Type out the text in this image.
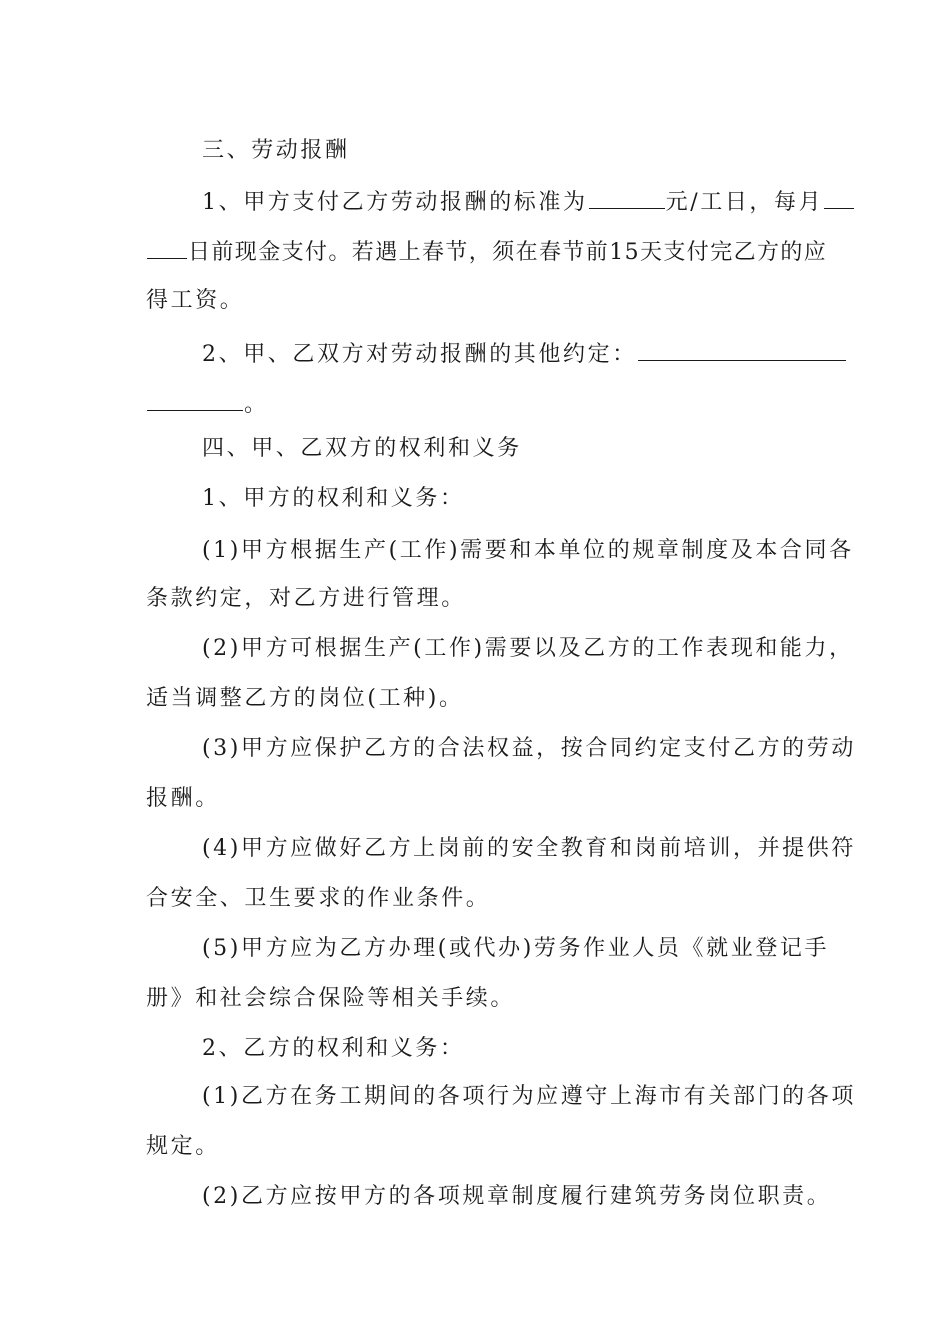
三、劳动报酬
1、甲方支付乙方劳动报酬的标准为	元/工日，每月
日前现金支付。若遇上春节，须在春节前15天支付完乙方的应
得工资。
2、甲、乙双方对劳动报酬的其他约定：
。
四、甲、乙双方的权利和义务
1、甲方的权利和义务：
(1)甲方根据生产(工作)需要和本单位的规章制度及本合同各
条款约定，对乙方进行管理。
(2)甲方可根据生产(工作)需要以及乙方的工作表现和能力，
适当调整乙方的岗位(工种)。
(3)甲方应保护乙方的合法权益，按合同约定支付乙方的劳动
报酬。
(4)甲方应做好乙方上岗前的安全教育和岗前培训，并提供符
合安全、卫生要求的作业条件。
(5)甲方应为乙方办理(或代办)劳务作业人员《就业登记手
册》和社会综合保险等相关手续。
2、乙方的权利和义务：
(1)乙方在务工期间的各项行为应遵守上海市有关部门的各项
规定。
(2)乙方应按甲方的各项规章制度履行建筑劳务岗位职责。
